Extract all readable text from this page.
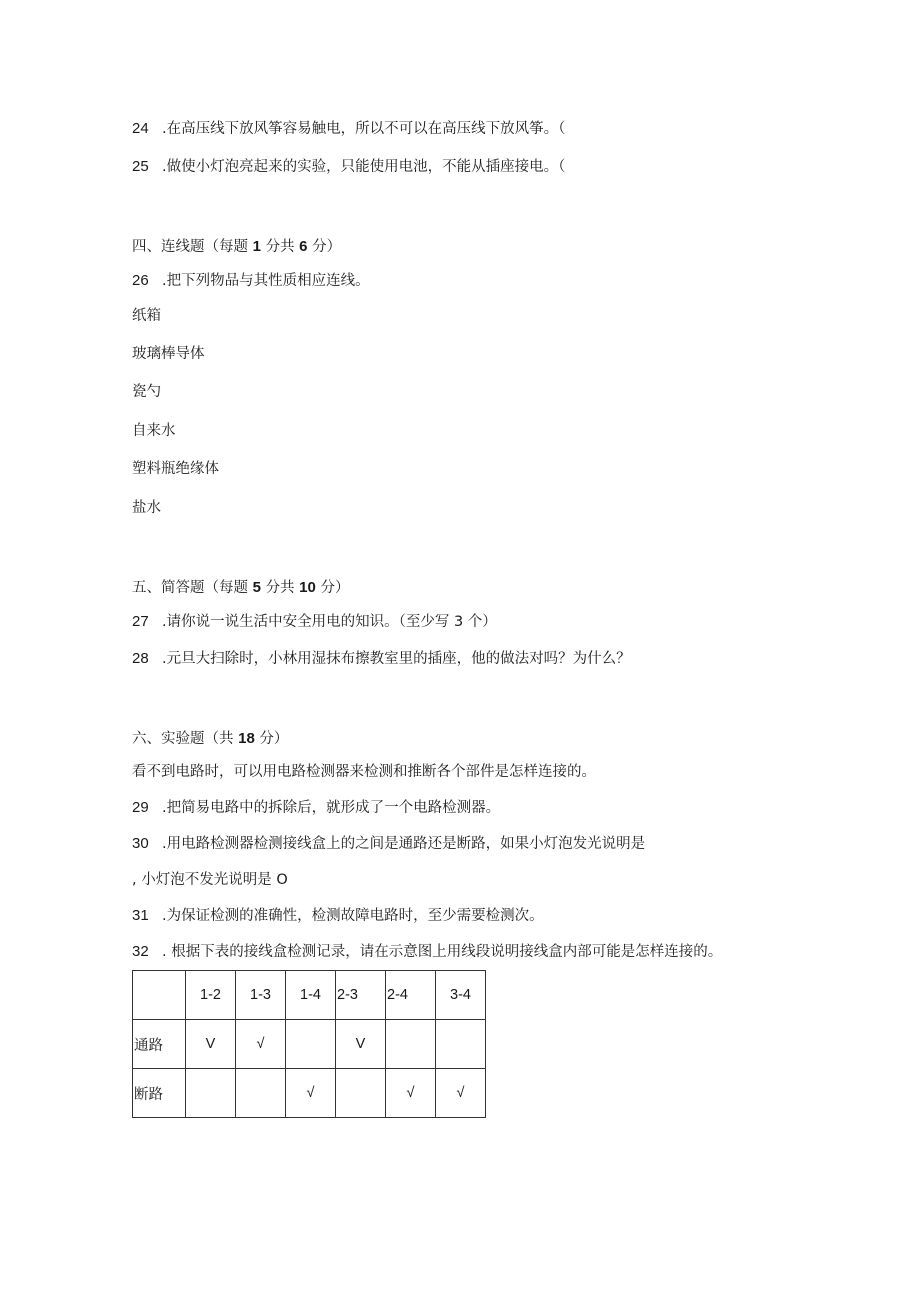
24 .在高压线下放风筝容易触电，所以不可以在高压线下放风筝。（
25 .做使小灯泡亮起来的实验，只能使用电池，不能从插座接电。（
四、连线题（每题 1 分共 6 分）
26 .把下列物品与其性质相应连线。
纸箱
玻璃棒导体
瓷勺
自来水
塑料瓶绝缘体
盐水
五、简答题（每题 5 分共 10 分）
27 .请你说一说生活中安全用电的知识。（至少写 3 个）
28 .元旦大扫除时，小林用湿抹布擦教室里的插座，他的做法对吗？为什么？
六、实验题（共 18 分）
看不到电路时，可以用电路检测器来检测和推断各个部件是怎样连接的。
29 .把简易电路中的拆除后，就形成了一个电路检测器。
30 .用电路检测器检测接线盒上的之间是通路还是断路，如果小灯泡发光说明是
, 小灯泡不发光说明是 O
31 .为保证检测的准确性，检测故障电路时，至少需要检测次。
32 . 根据下表的接线盒检测记录，请在示意图上用线段说明接线盒内部可能是怎样连接的。
	1-2	1-3	1-4	2-3	2-4	3-4
通路	V	√		V		
断路			√		√	√
